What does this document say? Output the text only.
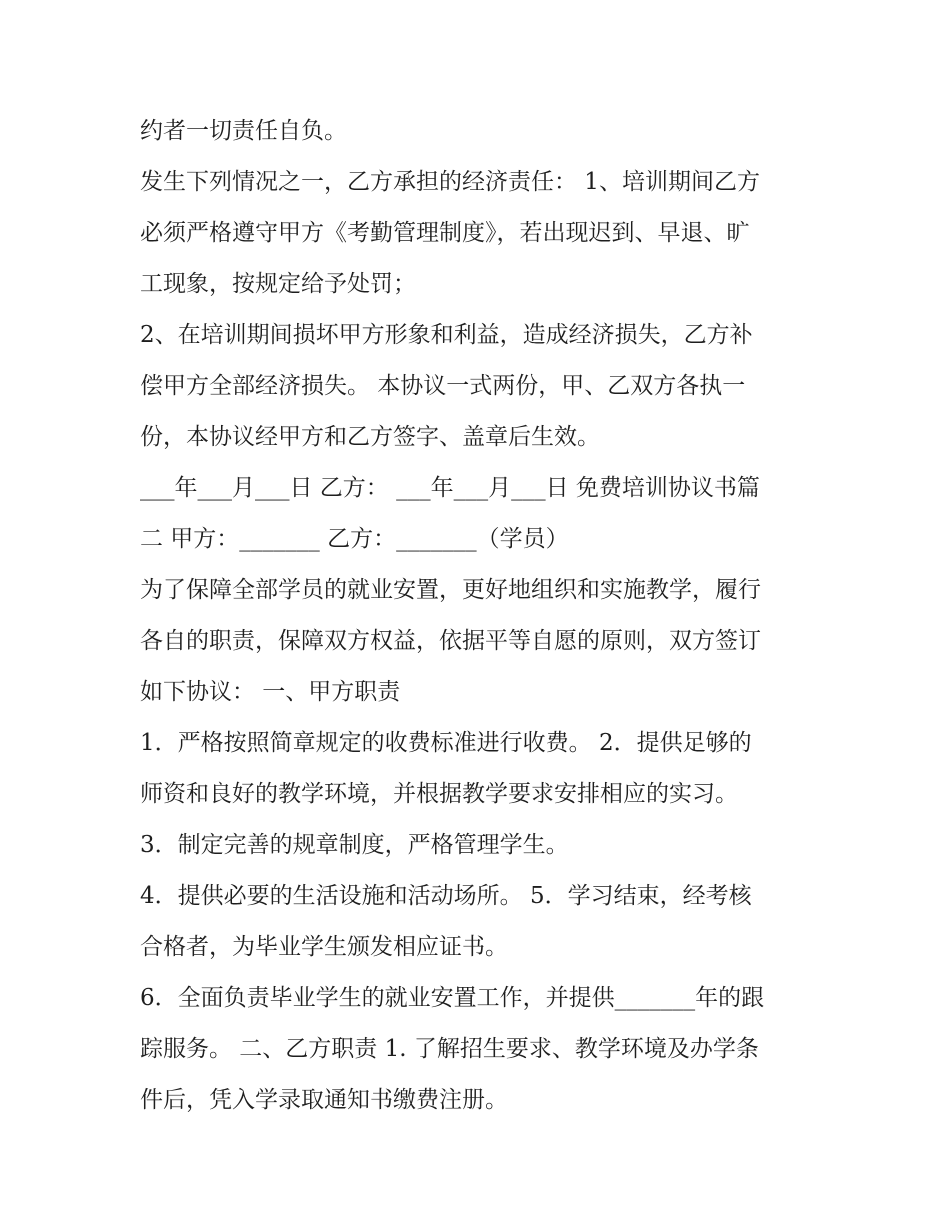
约者一切责任自负。
发生下列情况之一，乙方承担的经济责任： 1、培训期间乙方
必须严格遵守甲方《考勤管理制度》，若出现迟到、早退、旷
工现象，按规定给予处罚；
2、在培训期间损坏甲方形象和利益，造成经济损失，乙方补
偿甲方全部经济损失。 本协议一式两份，甲、乙双方各执一
份，本协议经甲方和乙方签字、盖章后生效。
___年___月___日 乙方： ___年___月___日 免费培训协议书篇
二 甲方：_______ 乙方：_______（学员）
为了保障全部学员的就业安置，更好地组织和实施教学，履行
各自的职责，保障双方权益，依据平等自愿的原则，双方签订
如下协议： 一、甲方职责
1．严格按照简章规定的收费标准进行收费。 2．提供足够的
师资和良好的教学环境，并根据教学要求安排相应的实习。
3．制定完善的规章制度，严格管理学生。
4．提供必要的生活设施和活动场所。 5．学习结束，经考核
合格者，为毕业学生颁发相应证书。
6．全面负责毕业学生的就业安置工作，并提供_______年的跟
踪服务。 二、乙方职责 1. 了解招生要求、教学环境及办学条
件后，凭入学录取通知书缴费注册。
